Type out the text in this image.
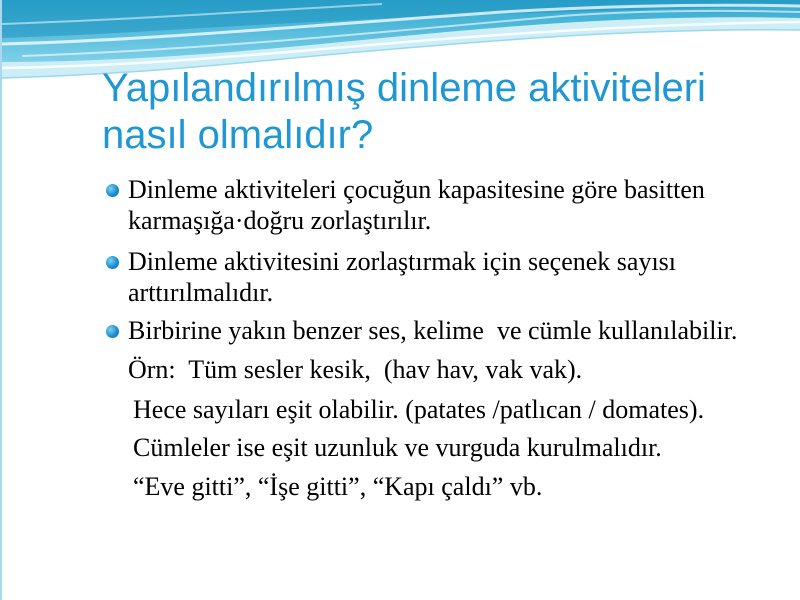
Yapılandırılmış dinleme aktiviteleri
nasıl olmalıdır?
Dinleme aktiviteleri çocuğun kapasitesine göre basitten
karmaşığa·doğru zorlaştırılır.
Dinleme aktivitesini zorlaştırmak için seçenek sayısı
arttırılmalıdır.
Birbirine yakın benzer ses, kelime  ve cümle kullanılabilir.
Örn:  Tüm sesler kesik,  (hav hav, vak vak).
Hece sayıları eşit olabilir. (patates /patlıcan / domates).
Cümleler ise eşit uzunluk ve vurguda kurulmalıdır.
“Eve gitti”, “İşe gitti”, “Kapı çaldı” vb.
